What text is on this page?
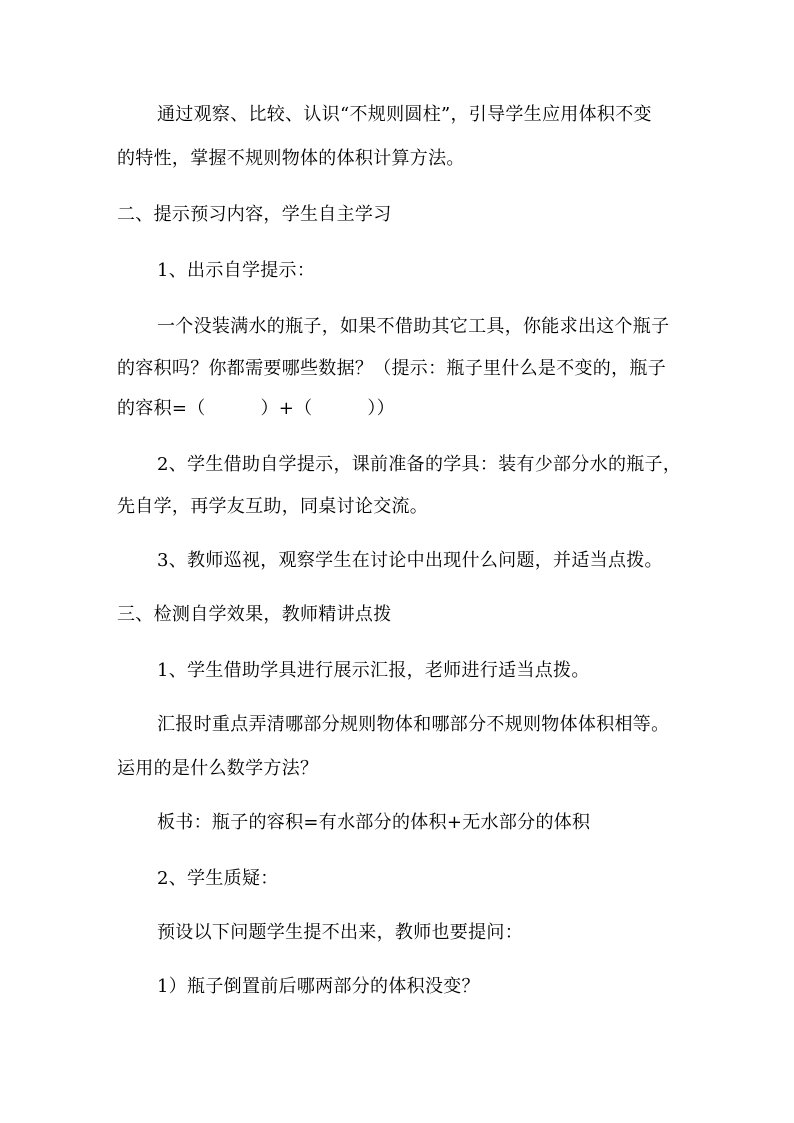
通过观察、比较、认识“不规则圆柱”，引导学生应用体积不变
的特性，掌握不规则物体的体积计算方法。
二、提示预习内容，学生自主学习
1、出示自学提示：
一个没装满水的瓶子，如果不借助其它工具，你能求出这个瓶子
的容积吗？你都需要哪些数据？（提示：瓶子里什么是不变的，瓶子
的容积=（　　　）+（　　　））
2、学生借助自学提示，课前准备的学具：装有少部分水的瓶子，
先自学，再学友互助，同桌讨论交流。
3、教师巡视，观察学生在讨论中出现什么问题，并适当点拨。
三、检测自学效果，教师精讲点拨
1、学生借助学具进行展示汇报，老师进行适当点拨。
汇报时重点弄清哪部分规则物体和哪部分不规则物体体积相等。
运用的是什么数学方法？
板书：瓶子的容积=有水部分的体积+无水部分的体积
2、学生质疑：
预设以下问题学生提不出来，教师也要提问：
1）瓶子倒置前后哪两部分的体积没变？
